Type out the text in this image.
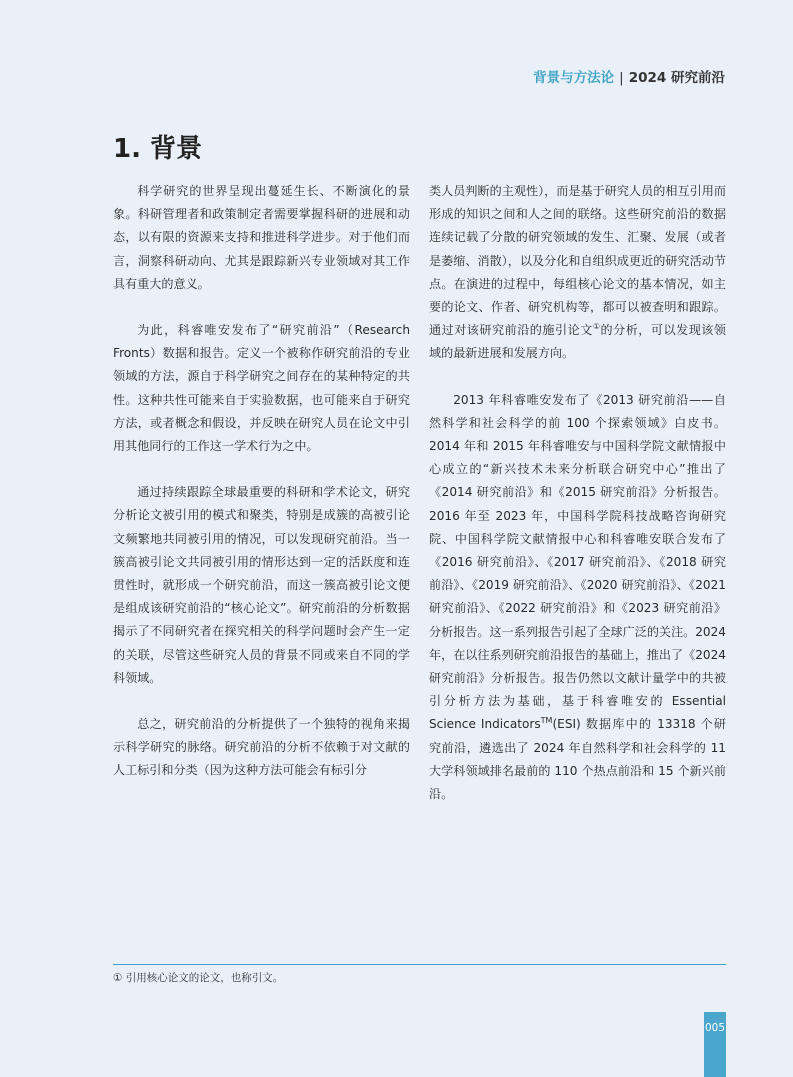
背景与方法论 | 2024 研究前沿
1. 背景

科学研究的世界呈现出蔓延生长、不断演化的景象。科研管理者和政策制定者需要掌握科研的进展和动态，以有限的资源来支持和推进科学进步。对于他们而言，洞察科研动向、尤其是跟踪新兴专业领域对其工作具有重大的意义。

为此，科睿唯安发布了“研究前沿”（Research Fronts）数据和报告。定义一个被称作研究前沿的专业领域的方法，源自于科学研究之间存在的某种特定的共性。这种共性可能来自于实验数据，也可能来自于研究方法，或者概念和假设，并反映在研究人员在论文中引用其他同行的工作这一学术行为之中。

通过持续跟踪全球最重要的科研和学术论文，研究分析论文被引用的模式和聚类，特别是成簇的高被引论文频繁地共同被引用的情况，可以发现研究前沿。当一簇高被引论文共同被引用的情形达到一定的活跃度和连贯性时，就形成一个研究前沿，而这一簇高被引论文便是组成该研究前沿的“核心论文”。研究前沿的分析数据揭示了不同研究者在探究相关的科学问题时会产生一定的关联，尽管这些研究人员的背景不同或来自不同的学科领域。

总之，研究前沿的分析提供了一个独特的视角来揭示科学研究的脉络。研究前沿的分析不依赖于对文献的人工标引和分类（因为这种方法可能会有标引分

类人员判断的主观性），而是基于研究人员的相互引用而形成的知识之间和人之间的联络。这些研究前沿的数据连续记载了分散的研究领域的发生、汇聚、发展（或者是萎缩、消散），以及分化和自组织成更近的研究活动节点。在演进的过程中，每组核心论文的基本情况，如主要的论文、作者、研究机构等，都可以被查明和跟踪。通过对该研究前沿的施引论文①的分析，可以发现该领域的最新进展和发展方向。

2013 年科睿唯安发布了《2013 研究前沿——自然科学和社会科学的前 100 个探索领域》白皮书。2014 年和 2015 年科睿唯安与中国科学院文献情报中心成立的“新兴技术未来分析联合研究中心”推出了《2014 研究前沿》和《2015 研究前沿》分析报告。2016 年至 2023 年，中国科学院科技战略咨询研究院、中国科学院文献情报中心和科睿唯安联合发布了《2016 研究前沿》、《2017 研究前沿》、《2018 研究前沿》、《2019 研究前沿》、《2020 研究前沿》、《2021 研究前沿》、《2022 研究前沿》和《2023 研究前沿》分析报告。这一系列报告引起了全球广泛的关注。2024 年，在以往系列研究前沿报告的基础上，推出了《2024 研究前沿》分析报告。报告仍然以文献计量学中的共被引分析方法为基础，基于科睿唯安的 Essential Science Indicators™(ESI) 数据库中的 13318 个研究前沿，遴选出了 2024 年自然科学和社会科学的 11 大学科领域排名最前的 110 个热点前沿和 15 个新兴前沿。

① 引用核心论文的论文，也称引文。
005
